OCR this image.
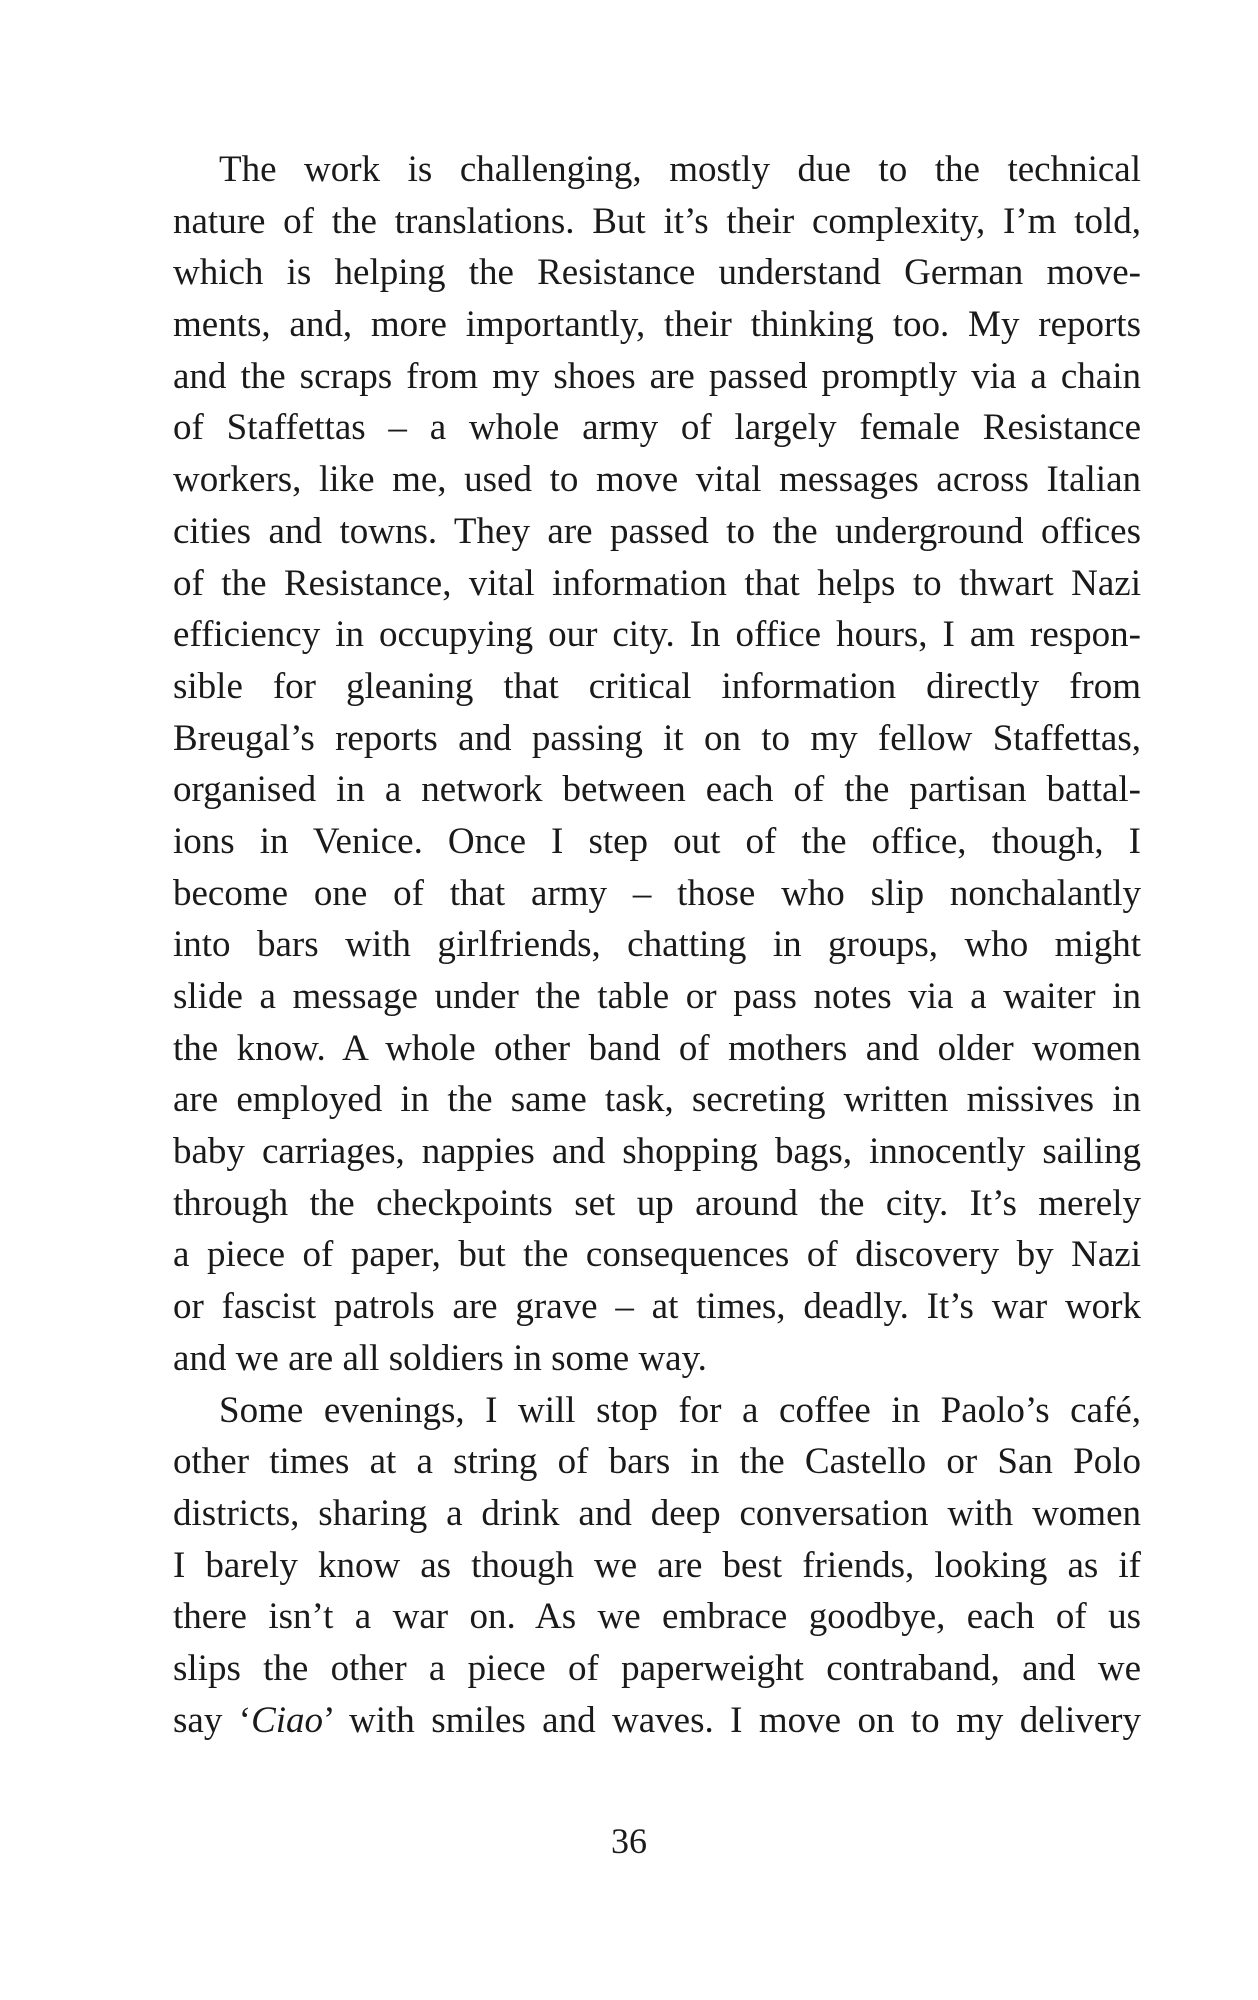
The work is challenging, mostly due to the technical
nature of the translations. But it’s their complexity, I’m told,
which is helping the Resistance understand German move-
ments, and, more importantly, their thinking too. My reports
and the scraps from my shoes are passed promptly via a chain
of Staffettas – a whole army of largely female Resistance
workers, like me, used to move vital messages across Italian
cities and towns. They are passed to the underground offices
of the Resistance, vital information that helps to thwart Nazi
efficiency in occupying our city. In office hours, I am respon-
sible for gleaning that critical information directly from
Breugal’s reports and passing it on to my fellow Staffettas,
organised in a network between each of the partisan battal-
ions in Venice. Once I step out of the office, though, I
become one of that army – those who slip nonchalantly
into bars with girlfriends, chatting in groups, who might
slide a message under the table or pass notes via a waiter in
the know. A whole other band of mothers and older women
are employed in the same task, secreting written missives in
baby carriages, nappies and shopping bags, innocently sailing
through the checkpoints set up around the city. It’s merely
a piece of paper, but the consequences of discovery by Nazi
or fascist patrols are grave – at times, deadly. It’s war work
and we are all soldiers in some way.
Some evenings, I will stop for a coffee in Paolo’s café,
other times at a string of bars in the Castello or San Polo
districts, sharing a drink and deep conversation with women
I barely know as though we are best friends, looking as if
there isn’t a war on. As we embrace goodbye, each of us
slips the other a piece of paperweight contraband, and we
say ‘Ciao’ with smiles and waves. I move on to my delivery
36
